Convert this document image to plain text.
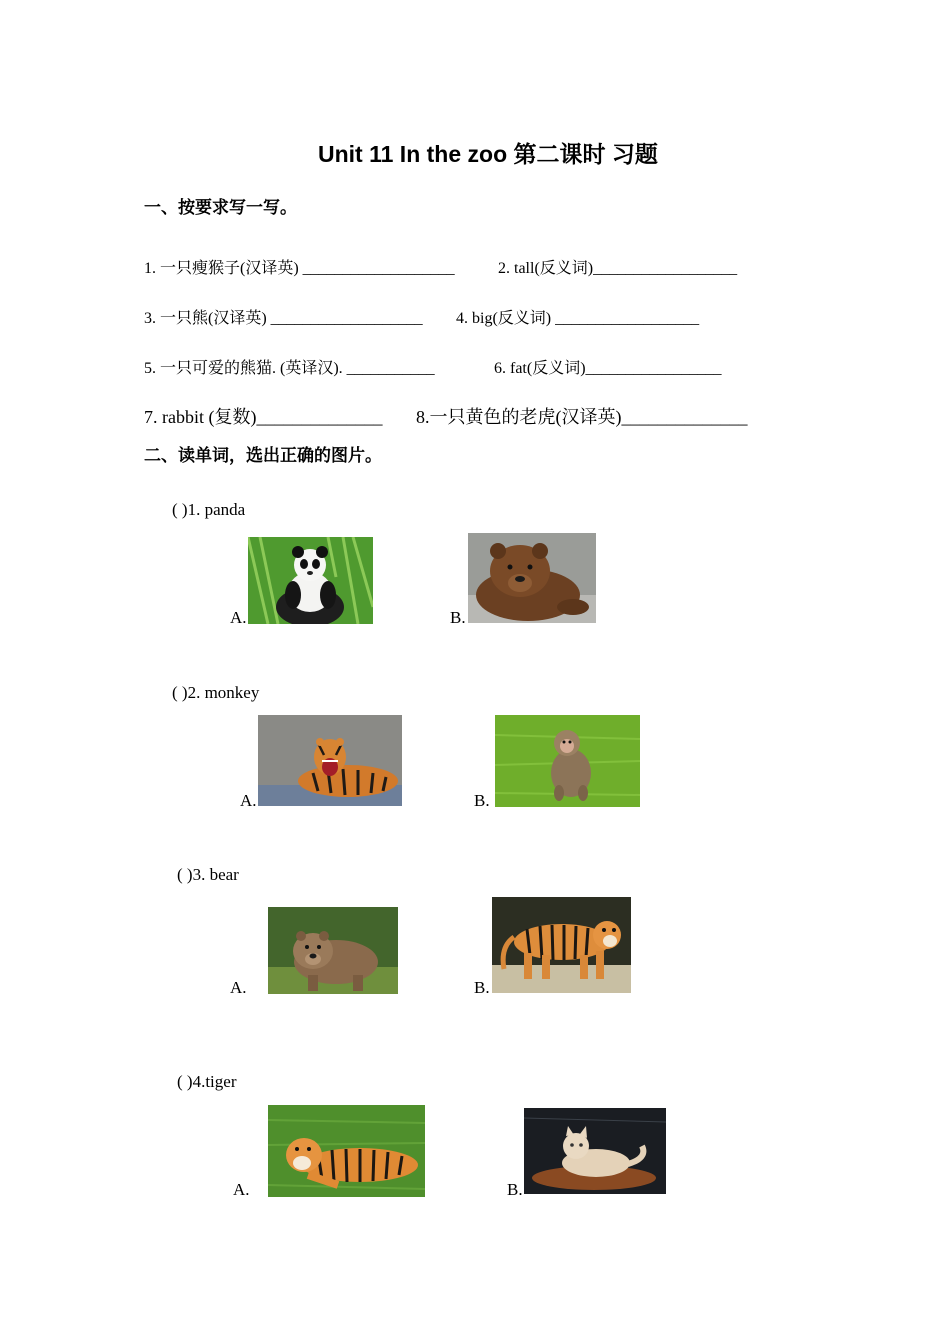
Unit 11 In the zoo 第二课时 习题
一、按要求写一写。
1. 一只瘦猴子(汉译英) ___________________	2. tall(反义词)__________________
3. 一只熊(汉译英) ___________________ 4. big(反义词) __________________
5. 一只可爱的熊猫. (英译汉). ___________	6. fat(反义词)_________________
7. rabbit (复数)______________ 8.一只黄色的老虎(汉译英)______________
二、读单词，选出正确的图片。
( )1. panda
A.	B.
( )2. monkey
A.	B.
( )3. bear
A.	B.
( )4.tiger
A.	B.
